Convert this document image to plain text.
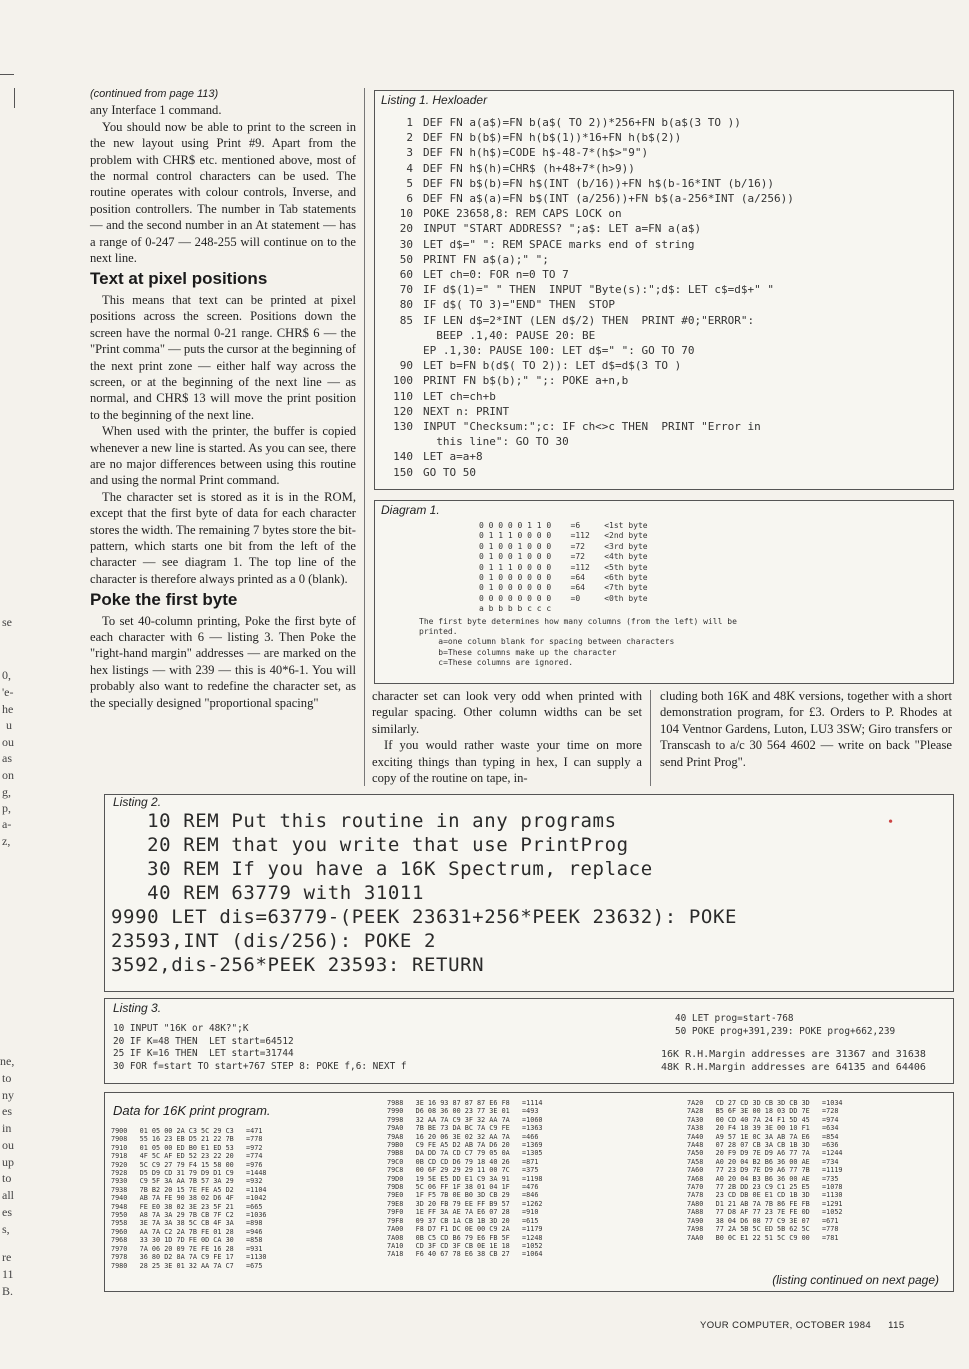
se
0,
'e-
he
u
ou
as
on
g,
p,
a-
z,
ne,
to
ny
es
in
ou
up
to
all
es
s,
re
11
B.
(continued from page 113)

any Interface 1 command.

You should now be able to print to the screen in the new layout using Print #9. Apart from the problem with CHR$ etc. mentioned above, most of the normal control characters can be used. The routine operates with colour controls, Inverse, and position controllers. The number in Tab statements — and the second number in an At statement — has a range of 0-247 — 248-255 will continue on to the next line.

Text at pixel positions

This means that text can be printed at pixel positions across the screen. Positions down the screen have the normal 0-21 range. CHR$ 6 — the "Print comma" — puts the cursor at the beginning of the next print zone — either half way across the screen, or at the beginning of the next line — as normal, and CHR$ 13 will move the print position to the beginning of the next line.

When used with the printer, the buffer is copied whenever a new line is started. As you can see, there are no major differences between using this routine and using the normal Print command.

The character set is stored as it is in the ROM, except that the first byte of data for each character stores the width. The remaining 7 bytes store the bit-pattern, which starts one bit from the left of the character — see diagram 1. The top line of the character is therefore always printed as a 0 (blank).

Poke the first byte

To set 40-column printing, Poke the first byte of each character with 6 — listing 3. Then Poke the "right-hand margin" addresses — are marked on the hex listings — with 239 — this is 40*6-1. You will probably also want to redefine the character set, as the specially designed "proportional spacing"

Listing 1. Hexloader
1 DEF FN a(a$)=FN b(a$( TO 2))*256+FN b(a$(3 TO ))
2 DEF FN b(b$)=FN h(b$(1))*16+FN h(b$(2))
3 DEF FN h(h$)=CODE h$-48-7*(h$>"9")
4 DEF FN h$(h)=CHR$ (h+48+7*(h>9))
5 DEF FN b$(b)=FN h$(INT (b/16))+FN h$(b-16*INT (b/16))
6 DEF FN a$(a)=FN b$(INT (a/256))+FN b$(a-256*INT (a/256))
10 POKE 23658,8: REM CAPS LOCK on
20 INPUT "START ADDRESS? ";a$: LET a=FN a(a$)
30 LET d$=" ": REM SPACE marks end of string
50 PRINT FN a$(a);" ";
60 LET ch=0: FOR n=0 TO 7
70 IF d$(1)=" " THEN  INPUT "Byte(s):";d$: LET c$=d$+" "
80 IF d$( TO 3)="END" THEN  STOP
85 IF LEN d$=2*INT (LEN d$/2) THEN  PRINT #0;"ERROR":
BEEP .1,40: PAUSE 20: BE
EP .1,30: PAUSE 100: LET d$=" ": GO TO 70
90 LET b=FN b(d$( TO 2)): LET d$=d$(3 TO )
100 PRINT FN b$(b);" ";: POKE a+n,b
110 LET ch=ch+b
120 NEXT n: PRINT
130 INPUT "Checksum:";c: IF ch<>c THEN  PRINT "Error in
this line": GO TO 30
140 LET a=a+8
150 GO TO 50
Diagram 1.
0 0 0 0 0 1 1 0    =6     <1st byte
0 1 1 1 0 0 0 0    =112   <2nd byte
0 1 0 0 1 0 0 0    =72    <3rd byte
0 1 0 0 1 0 0 0    =72    <4th byte
0 1 1 1 0 0 0 0    =112   <5th byte
0 1 0 0 0 0 0 0    =64    <6th byte
0 1 0 0 0 0 0 0    =64    <7th byte
0 0 0 0 0 0 0 0    =0     <0th byte
a b b b b c c c
The first byte determines how many columns (from the left) will be
printed.
a=one column blank for spacing between characters
b=These columns make up the character
c=These columns are ignored.

character set can look very odd when printed with regular spacing. Other column widths can be set similarly.

If you would rather waste your time on more exciting things than typing in hex, I can supply a copy of the routine on tape, in-

cluding both 16K and 48K versions, together with a short demonstration program, for £3. Orders to P. Rhodes at 104 Ventnor Gardens, Luton, LU3 3SW; Giro transfers or Transcash to a/c 30 564 4602 — write on back "Please send Print Prog".

Listing 2.
10 REM Put this routine in any programs
20 REM that you write that use PrintProg
30 REM If you have a 16K Spectrum, replace
40 REM 63779 with 31011
9990 LET dis=63779-(PEEK 23631+256*PEEK 23632): POKE
23593,INT (dis/256): POKE 2
3592,dis-256*PEEK 23593: RETURN
•
Listing 3.
10 INPUT "16K or 48K?";K
20 IF K=48 THEN  LET start=64512
25 IF K=16 THEN  LET start=31744
30 FOR f=start TO start+767 STEP 8: POKE f,6: NEXT f
40 LET prog=start-768
50 POKE prog+391,239: POKE prog+662,239
16K R.H.Margin addresses are 31367 and 31638
48K R.H.Margin addresses are 64135 and 64406
Data for 16K print program.
7900   01 05 00 2A C3 5C 29 C3   =471
7908   55 16 23 EB D5 21 22 7B   =778
7910   01 05 00 ED B0 E1 ED 53   =972
7918   4F 5C AF ED 52 23 22 20   =774
7920   5C C9 27 79 F4 15 58 00   =976
7928   D5 D9 CD 31 79 D9 D1 C9   =1448
7930   C9 5F 3A AA 7B 57 3A 29   =932
7938   7B B2 20 15 7E FE A5 D2   =1104
7940   AB 7A FE 90 38 02 D6 4F   =1042
7948   FE E0 38 02 3E 23 5F 21   =665
7950   A8 7A 3A 29 7B CB 7F C2   =1036
7958   3E 7A 3A 38 5C CB 4F 3A   =898
7960   AA 7A C2 2A 7B FE 01 28   =946
7968   33 30 1D 7D FE 0D CA 30   =858
7970   7A 06 20 09 7E FE 16 28   =931
7978   36 80 D2 8A 7A C9 FE 17   =1130
7980   28 25 3E 01 32 AA 7A C7   =675
7988   3E 16 93 87 87 87 E6 F8   =1114
7990   D6 08 36 00 23 77 3E 01   =493
7998   32 AA 7A C9 3F 32 AA 7A   =1060
79A0   7B BE 73 DA BC 7A C9 FE   =1363
79A8   16 20 06 3E 02 32 AA 7A   =466
79B0   C9 FE A5 D2 AB 7A D6 20   =1369
79B8   DA DD 7A CD C7 79 05 0A   =1305
79C0   0B CD CD D6 79 18 40 26   =871
79C8   00 6F 29 29 29 11 00 7C   =375
79D0   19 5E E5 DD E1 C9 3A 91   =1198
79D8   5C 06 FF 1F 38 01 04 1F   =476
79E0   1F F5 7B 0E B0 3D CB 29   =846
79E8   3D 20 FB 79 EE FF B9 57   =1262
79F0   1E FF 3A AE 7A E6 07 28   =910
79F8   09 37 CB 1A CB 1B 3D 20   =615
7A00   F8 D7 F1 DC 0E 00 C9 2A   =1179
7A08   0B C5 CD B6 79 E6 FB 5F   =1248
7A10   CD 3F CD 3F CB 0E 1E 18   =1052
7A18   F6 40 67 78 E6 38 CB 27   =1064
7A20   CD 27 CD 3D CB 3D CB 3D   =1034
7A28   B5 6F 3E 00 18 03 DD 7E   =728
7A30   00 CD 40 7A 24 F1 5D 45   =974
7A38   20 F4 18 39 3E 00 10 F1   =634
7A40   A9 57 1E 0C 3A AB 7A E6   =854
7A48   07 28 07 CB 3A CB 1B 3D   =636
7A50   20 F9 D9 7E D9 A6 77 7A   =1244
7A58   A0 20 04 B2 B6 36 00 AE   =734
7A60   77 23 D9 7E D9 A6 77 7B   =1119
7A68   A0 20 04 B3 B6 36 00 AE   =735
7A70   77 2B DD 23 C9 C1 25 E5   =1078
7A78   23 CD DB 0E E1 CD 1B 3D   =1130
7A80   D1 21 AB 7A 7B 86 FE FB   =1291
7A88   77 D8 AF 77 23 7E FE 0D   =1052
7A90   38 04 D6 08 77 C9 3E 07   =671
7A98   77 2A 5B 5C ED 5B 62 5C   =778
7AA0   B0 0C E1 22 51 5C C9 00   =781
(listing continued on next page)
YOUR COMPUTER, OCTOBER 1984 115
